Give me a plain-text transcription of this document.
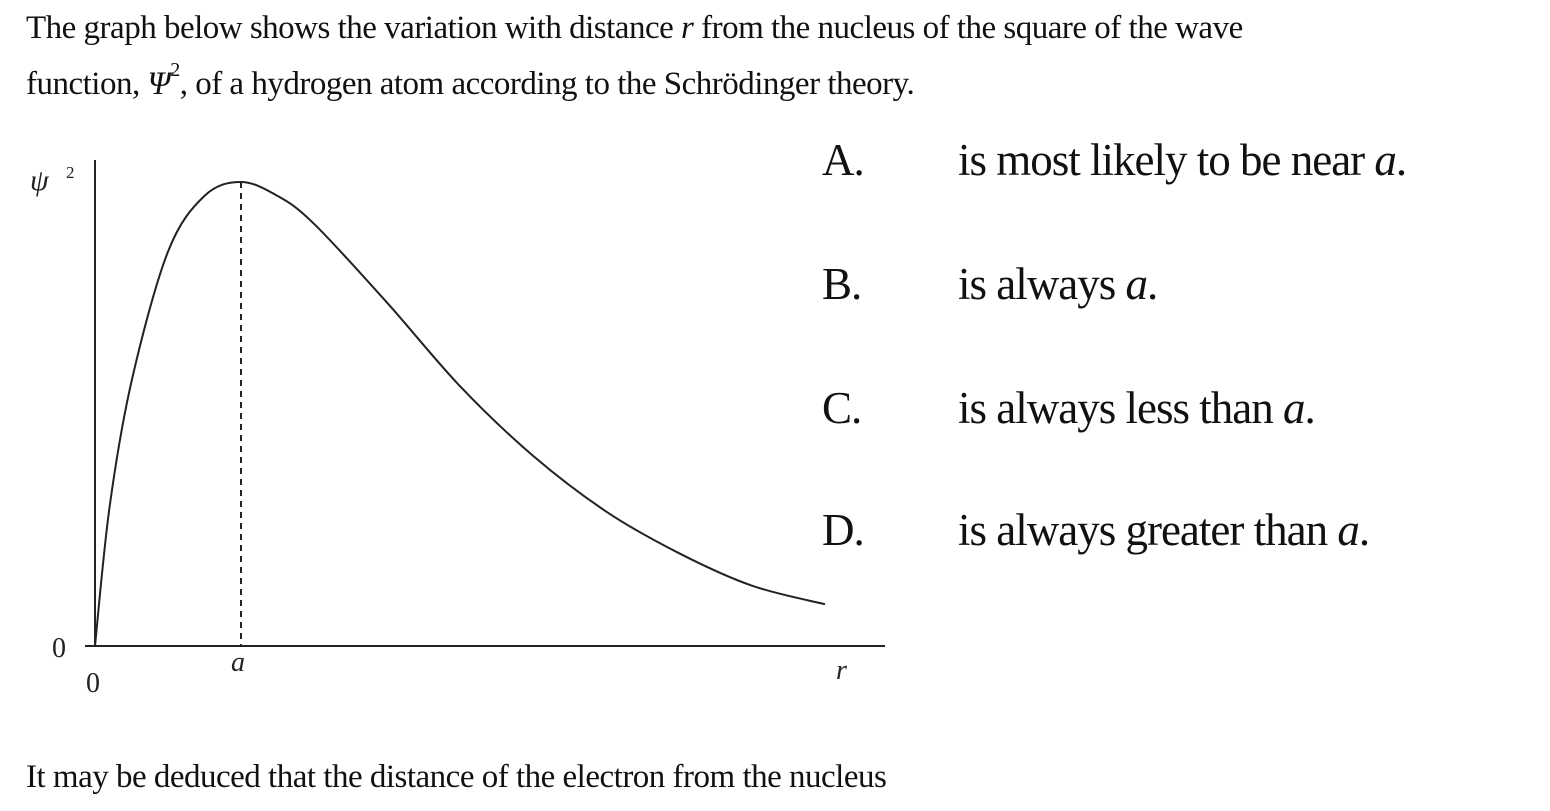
The graph below shows the variation with distance r from the nucleus of the square of the wave
function, $\Psi^2$, of a hydrogen atom according to the Schrödinger theory.
ψ 2
0
0
a	r
A. is most likely to be near a.
B. is always a.
C. is always less than a.
D. is always greater than a.
It may be deduced that the distance of the electron from the nucleus
